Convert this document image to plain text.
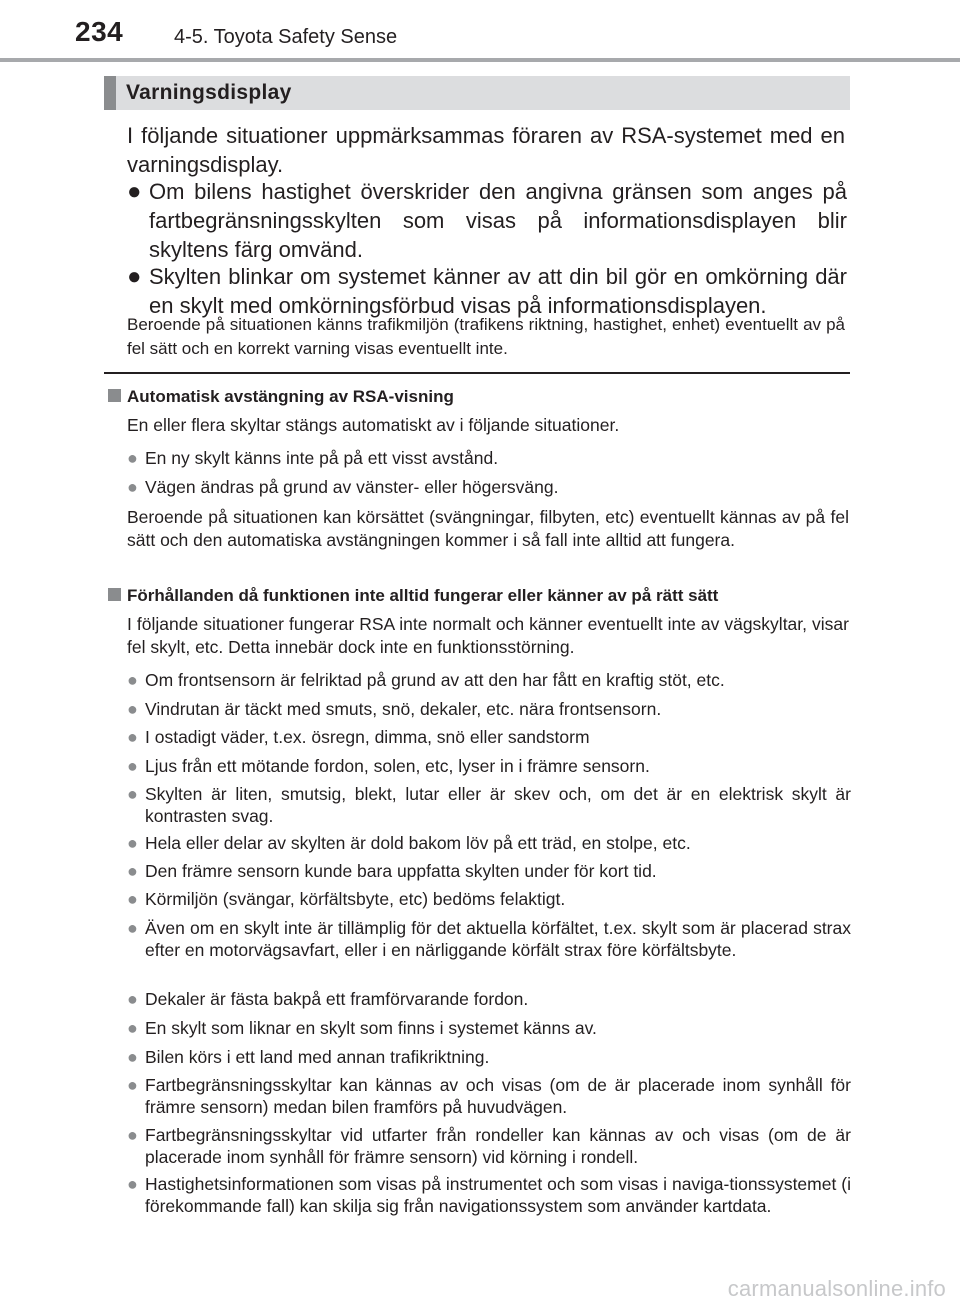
234	4-5. Toyota Safety Sense
Varningsdisplay
I följande situationer uppmärksammas föraren av RSA-systemet med en varningsdisplay.
● Om bilens hastighet överskrider den angivna gränsen som anges på fartbegränsningsskylten som visas på informationsdisplayen blir skyltens färg omvänd.
● Skylten blinkar om systemet känner av att din bil gör en omkörning där en skylt med omkörningsförbud visas på informationsdisplayen.
Beroende på situationen känns trafikmiljön (trafikens riktning, hastighet, enhet) eventuellt av på fel sätt och en korrekt varning visas eventuellt inte.
Automatisk avstängning av RSA-visning
En eller flera skyltar stängs automatiskt av i följande situationer.
● En ny skylt känns inte på på ett visst avstånd.
● Vägen ändras på grund av vänster- eller högersväng.
Beroende på situationen kan körsättet (svängningar, filbyten, etc) eventuellt kännas av på fel sätt och den automatiska avstängningen kommer i så fall inte alltid att fungera.
Förhållanden då funktionen inte alltid fungerar eller känner av på rätt sätt
I följande situationer fungerar RSA inte normalt och känner eventuellt inte av vägskyltar, visar fel skylt, etc. Detta innebär dock inte en funktionsstörning.
● Om frontsensorn är felriktad på grund av att den har fått en kraftig stöt, etc.
● Vindrutan är täckt med smuts, snö, dekaler, etc. nära frontsensorn.
● I ostadigt väder, t.ex. ösregn, dimma, snö eller sandstorm
● Ljus från ett mötande fordon, solen, etc, lyser in i främre sensorn.
● Skylten är liten, smutsig, blekt, lutar eller är skev och, om det är en elektrisk skylt är kontrasten svag.
● Hela eller delar av skylten är dold bakom löv på ett träd, en stolpe, etc.
● Den främre sensorn kunde bara uppfatta skylten under för kort tid.
● Körmiljön (svängar, körfältsbyte, etc) bedöms felaktigt.
● Även om en skylt inte är tillämplig för det aktuella körfältet, t.ex. skylt som är placerad strax efter en motorvägsavfart, eller i en närliggande körfält strax före körfältsbyte.
● Dekaler är fästa bakpå ett framförvarande fordon.
● En skylt som liknar en skylt som finns i systemet känns av.
● Bilen körs i ett land med annan trafikriktning.
● Fartbegränsningsskyltar kan kännas av och visas (om de är placerade inom synhåll för främre sensorn) medan bilen framförs på huvudvägen.
● Fartbegränsningsskyltar vid utfarter från rondeller kan kännas av och visas (om de är placerade inom synhåll för främre sensorn) vid körning i rondell.
● Hastighetsinformationen som visas på instrumentet och som visas i naviga-tionssystemet (i förekommande fall) kan skilja sig från navigationssystem som använder kartdata.
carmanualsonline.info
